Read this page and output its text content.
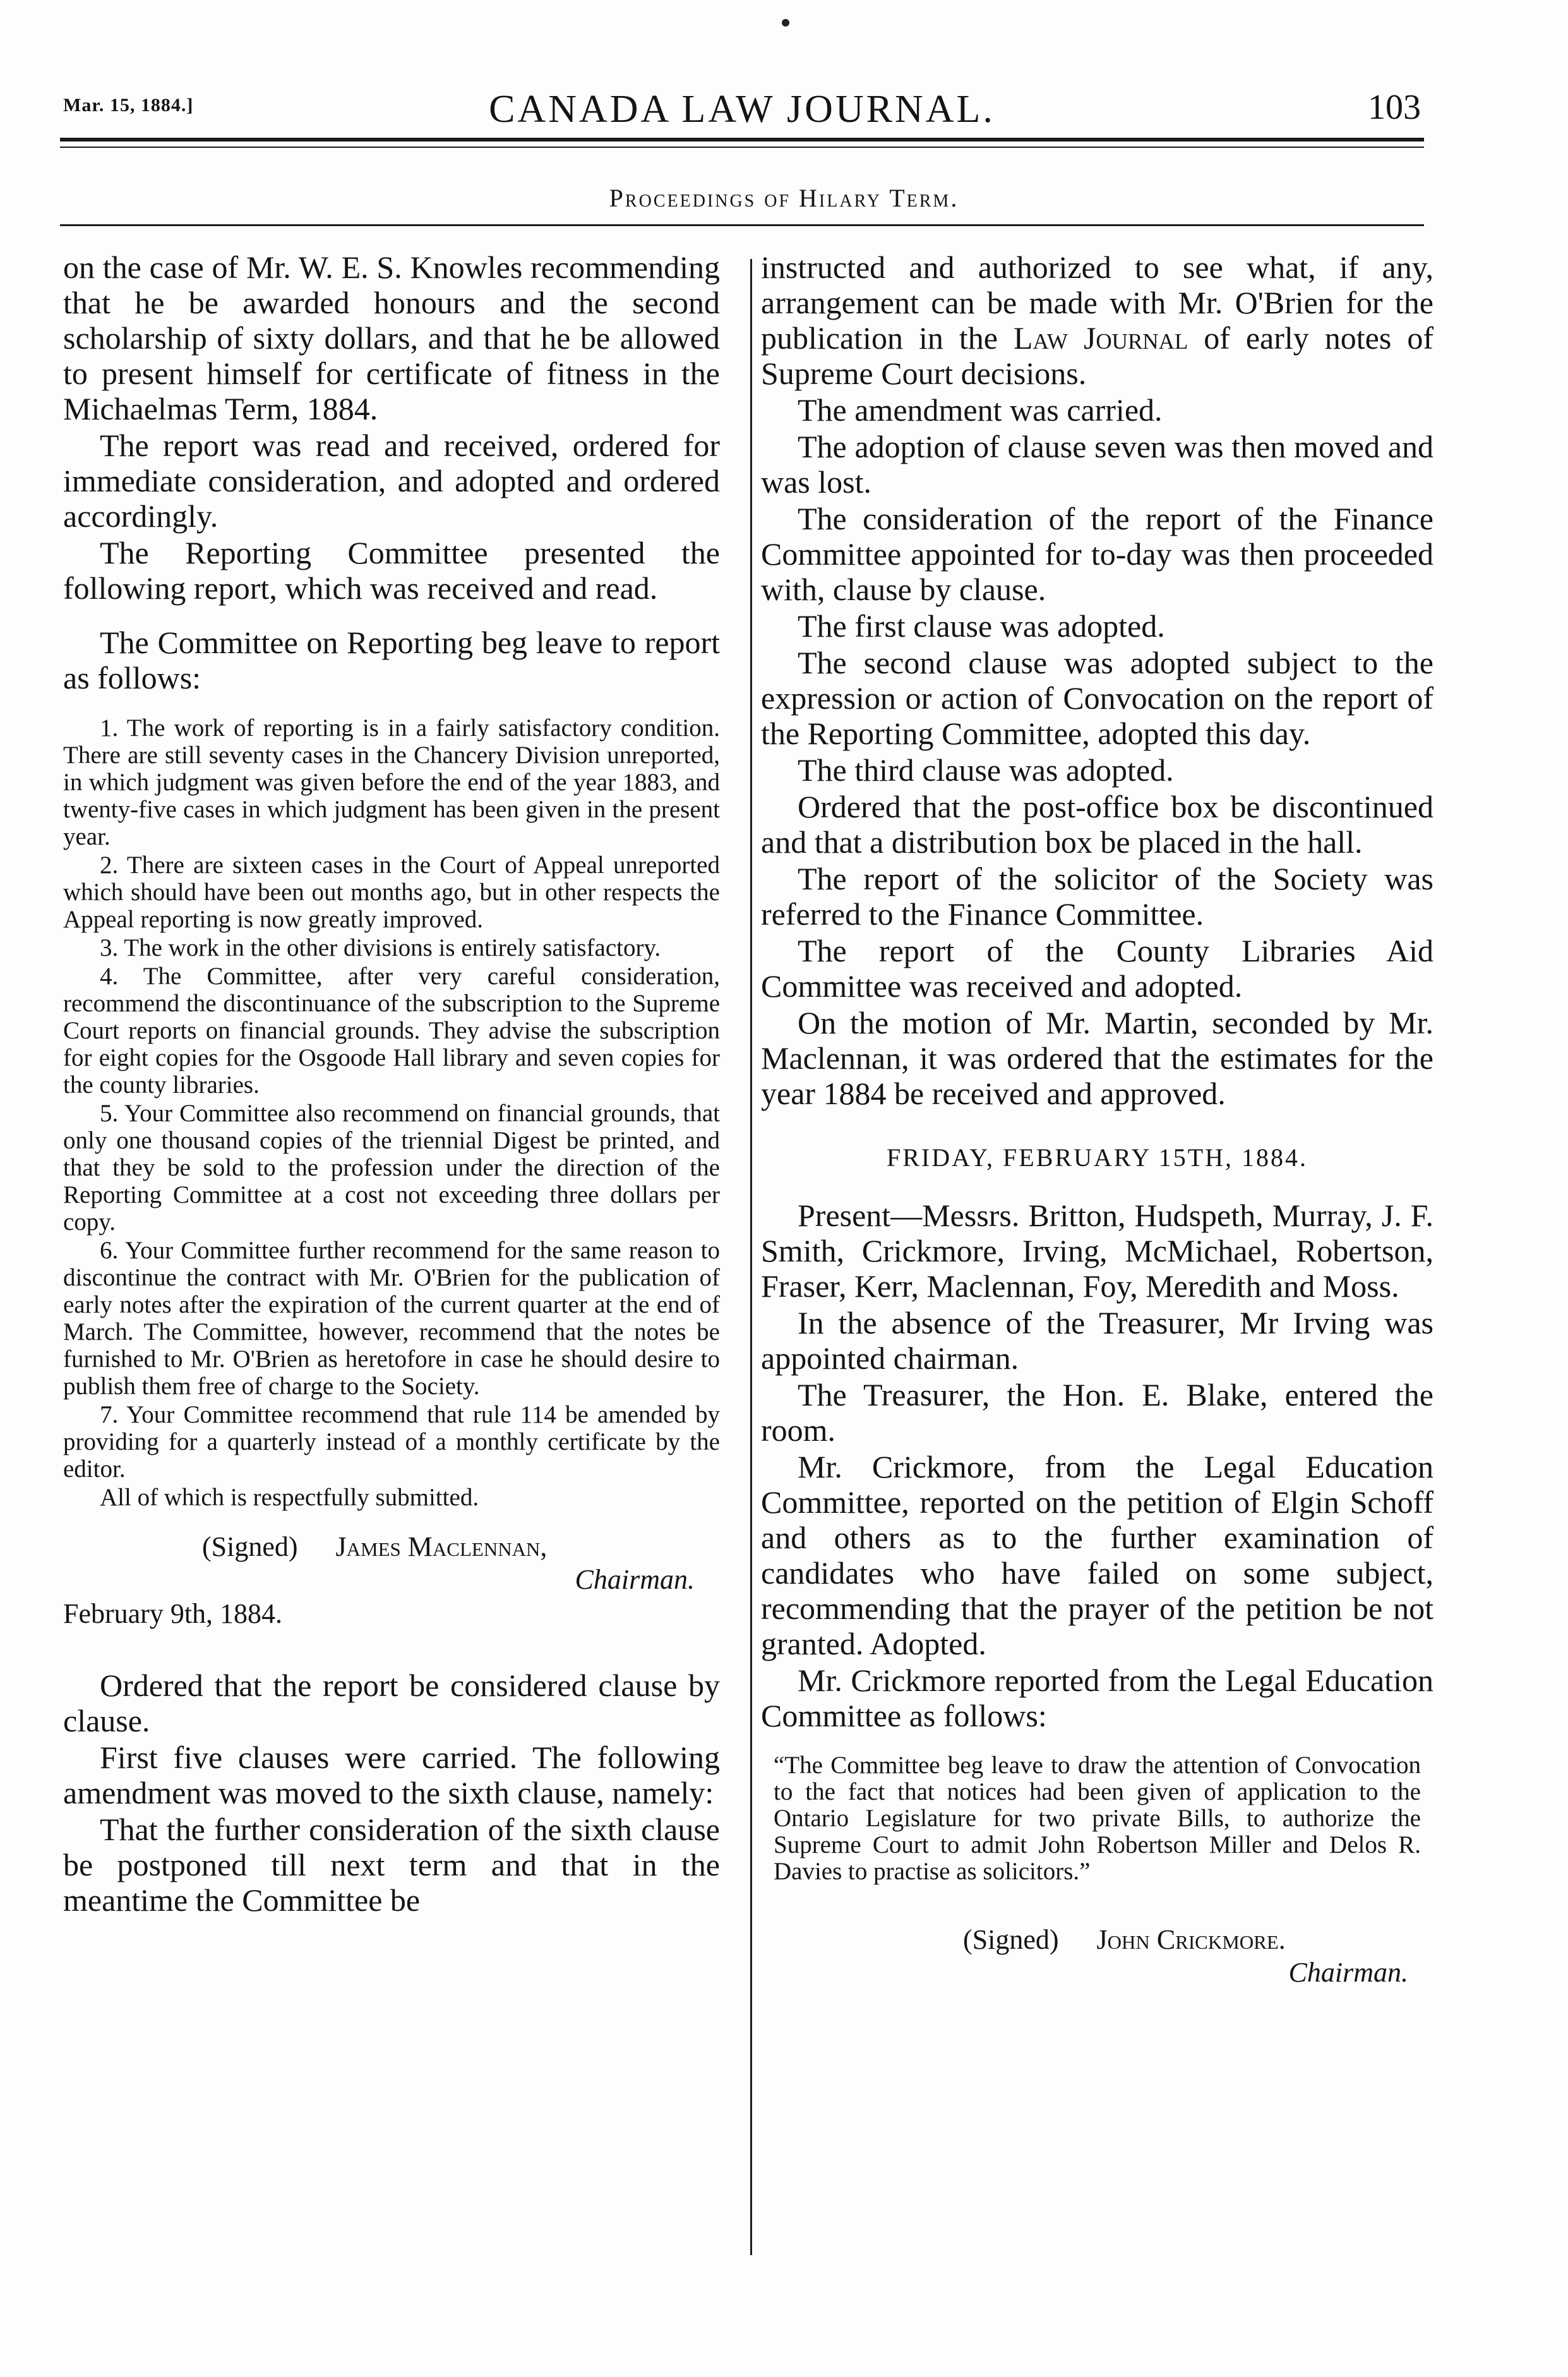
Mar. 15, 1884.]	CANADA LAW JOURNAL.	103
Proceedings of Hilary Term.

on the case of Mr. W. E. S. Knowles recommending that he be awarded honours and the second scholarship of sixty dollars, and that he be allowed to present himself for certificate of fitness in the Michaelmas Term, 1884.

The report was read and received, ordered for immediate consideration, and adopted and ordered accordingly.

The Reporting Committee presented the following report, which was received and read.

The Committee on Reporting beg leave to report as follows:

1. The work of reporting is in a fairly satisfactory condition. There are still seventy cases in the Chancery Division unreported, in which judgment was given before the end of the year 1883, and twenty-five cases in which judgment has been given in the present year.

2. There are sixteen cases in the Court of Appeal unreported which should have been out months ago, but in other respects the Appeal reporting is now greatly improved.

3. The work in the other divisions is entirely satisfactory.

4. The Committee, after very careful consideration, recommend the discontinuance of the subscription to the Supreme Court reports on financial grounds. They advise the subscription for eight copies for the Osgoode Hall library and seven copies for the county libraries.

5. Your Committee also recommend on financial grounds, that only one thousand copies of the triennial Digest be printed, and that they be sold to the profession under the direction of the Reporting Committee at a cost not exceeding three dollars per copy.

6. Your Committee further recommend for the same reason to discontinue the contract with Mr. O'Brien for the publication of early notes after the expiration of the current quarter at the end of March. The Committee, however, recommend that the notes be furnished to Mr. O'Brien as heretofore in case he should desire to publish them free of charge to the Society.

7. Your Committee recommend that rule 114 be amended by providing for a quarterly instead of a monthly certificate by the editor.

All of which is respectfully submitted.

(Signed) James Maclennan,
Chairman.
February 9th, 1884.

Ordered that the report be considered clause by clause.

First five clauses were carried. The following amendment was moved to the sixth clause, namely:

That the further consideration of the sixth clause be postponed till next term and that in the meantime the Committee be

instructed and authorized to see what, if any, arrangement can be made with Mr. O'Brien for the publication in the Law Journal of early notes of Supreme Court decisions.

The amendment was carried.

The adoption of clause seven was then moved and was lost.

The consideration of the report of the Finance Committee appointed for to-day was then proceeded with, clause by clause.

The first clause was adopted.

The second clause was adopted subject to the expression or action of Convocation on the report of the Reporting Committee, adopted this day.

The third clause was adopted.

Ordered that the post-office box be discontinued and that a distribution box be placed in the hall.

The report of the solicitor of the Society was referred to the Finance Committee.

The report of the County Libraries Aid Committee was received and adopted.

On the motion of Mr. Martin, seconded by Mr. Maclennan, it was ordered that the estimates for the year 1884 be received and approved.

FRIDAY, FEBRUARY 15TH, 1884.

Present—Messrs. Britton, Hudspeth, Murray, J. F. Smith, Crickmore, Irving, McMichael, Robertson, Fraser, Kerr, Maclennan, Foy, Meredith and Moss.

In the absence of the Treasurer, Mr Irving was appointed chairman.

The Treasurer, the Hon. E. Blake, entered the room.

Mr. Crickmore, from the Legal Education Committee, reported on the petition of Elgin Schoff and others as to the further examination of candidates who have failed on some subject, recommending that the prayer of the petition be not granted. Adopted.

Mr. Crickmore reported from the Legal Education Committee as follows:

“The Committee beg leave to draw the attention of Convocation to the fact that notices had been given of application to the Ontario Legislature for two private Bills, to authorize the Supreme Court to admit John Robertson Miller and Delos R. Davies to practise as solicitors.”

(Signed) John Crickmore.
Chairman.
